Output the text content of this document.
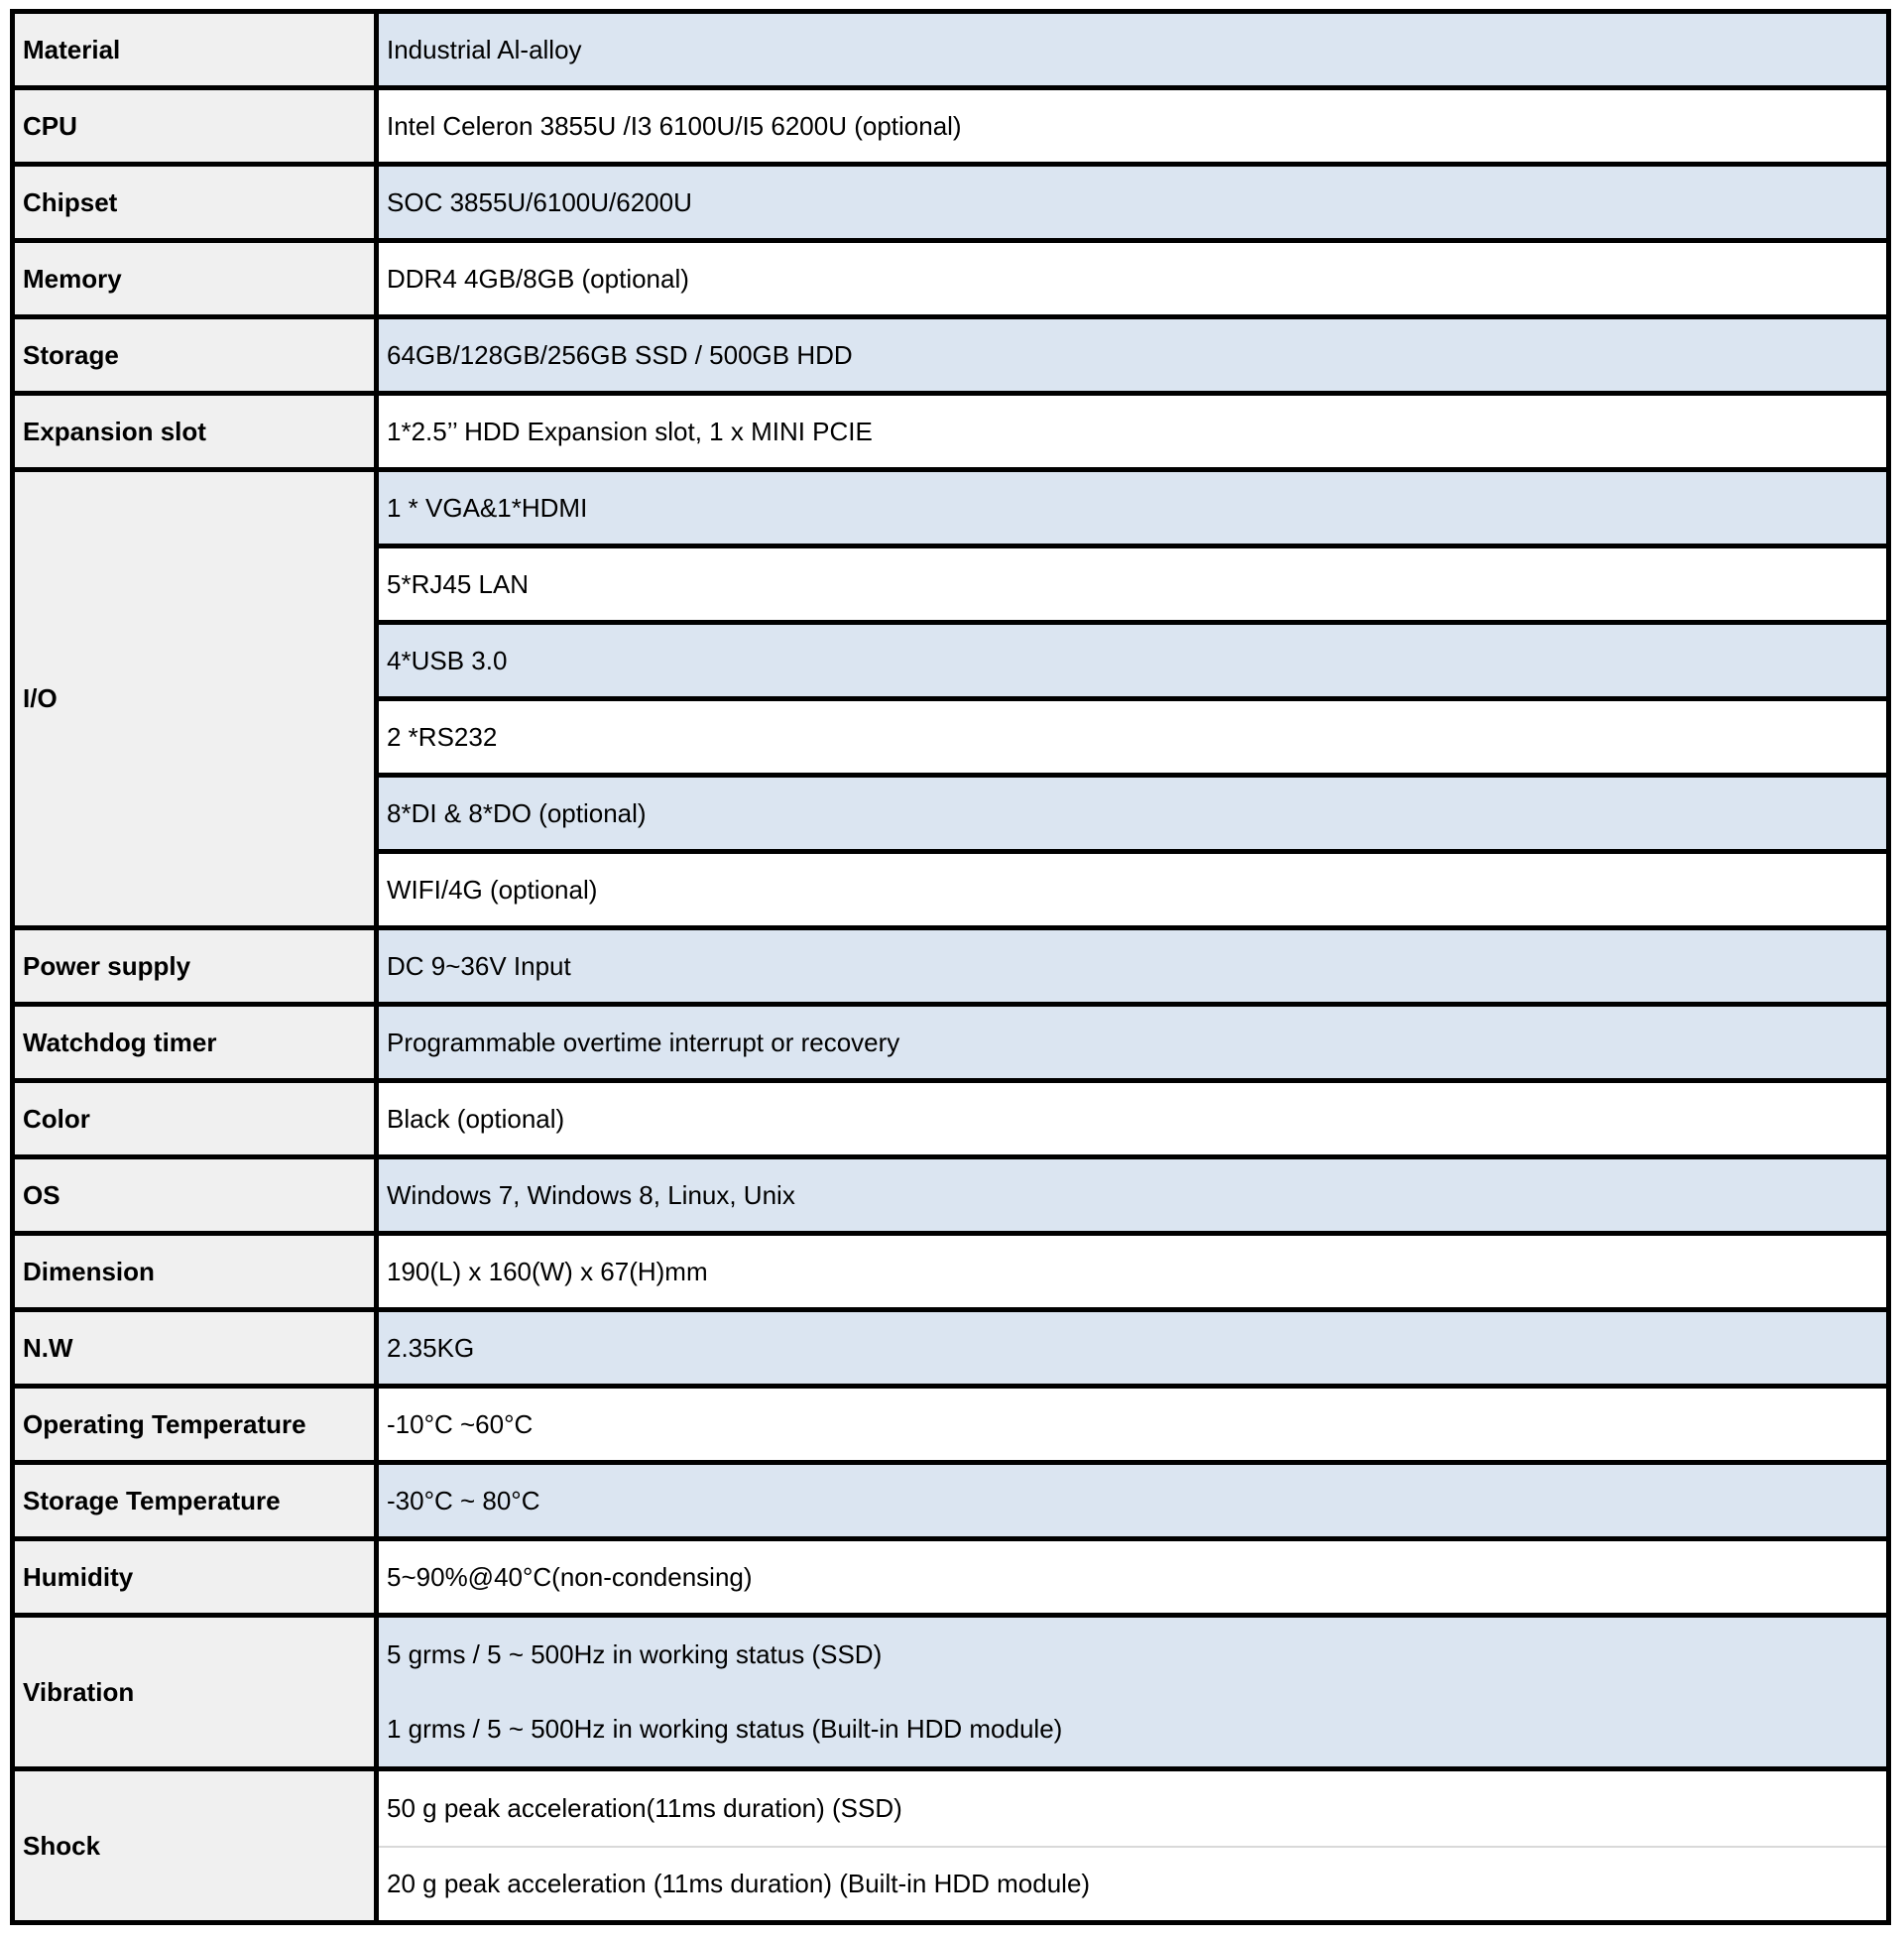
Material	Industrial Al-alloy
CPU	Intel Celeron 3855U /I3 6100U/I5 6200U (optional)
Chipset	SOC 3855U/6100U/6200U
Memory	DDR4 4GB/8GB (optional)
Storage	64GB/128GB/256GB SSD / 500GB HDD
Expansion slot	1*2.5’’ HDD Expansion slot, 1 x MINI PCIE
I/O	1 * VGA&1*HDMI
	5*RJ45 LAN
	4*USB 3.0
	2 *RS232
	8*DI & 8*DO (optional)
	WIFI/4G (optional)
Power supply	DC 9~36V Input
Watchdog timer	Programmable overtime interrupt or recovery
Color	Black (optional)
OS	Windows 7, Windows 8, Linux, Unix
Dimension	190(L) x 160(W) x 67(H)mm
N.W	2.35KG
Operating Temperature	-10°C ~60°C
Storage Temperature	-30°C ~ 80°C
Humidity	5~90%@40°C(non-condensing)
Vibration	5 grms / 5 ~ 500Hz in working status (SSD)
1 grms / 5 ~ 500Hz in working status (Built-in HDD module)

Shock	50 g peak acceleration(11ms duration) (SSD)
20 g peak acceleration (11ms duration) (Built-in HDD module)
